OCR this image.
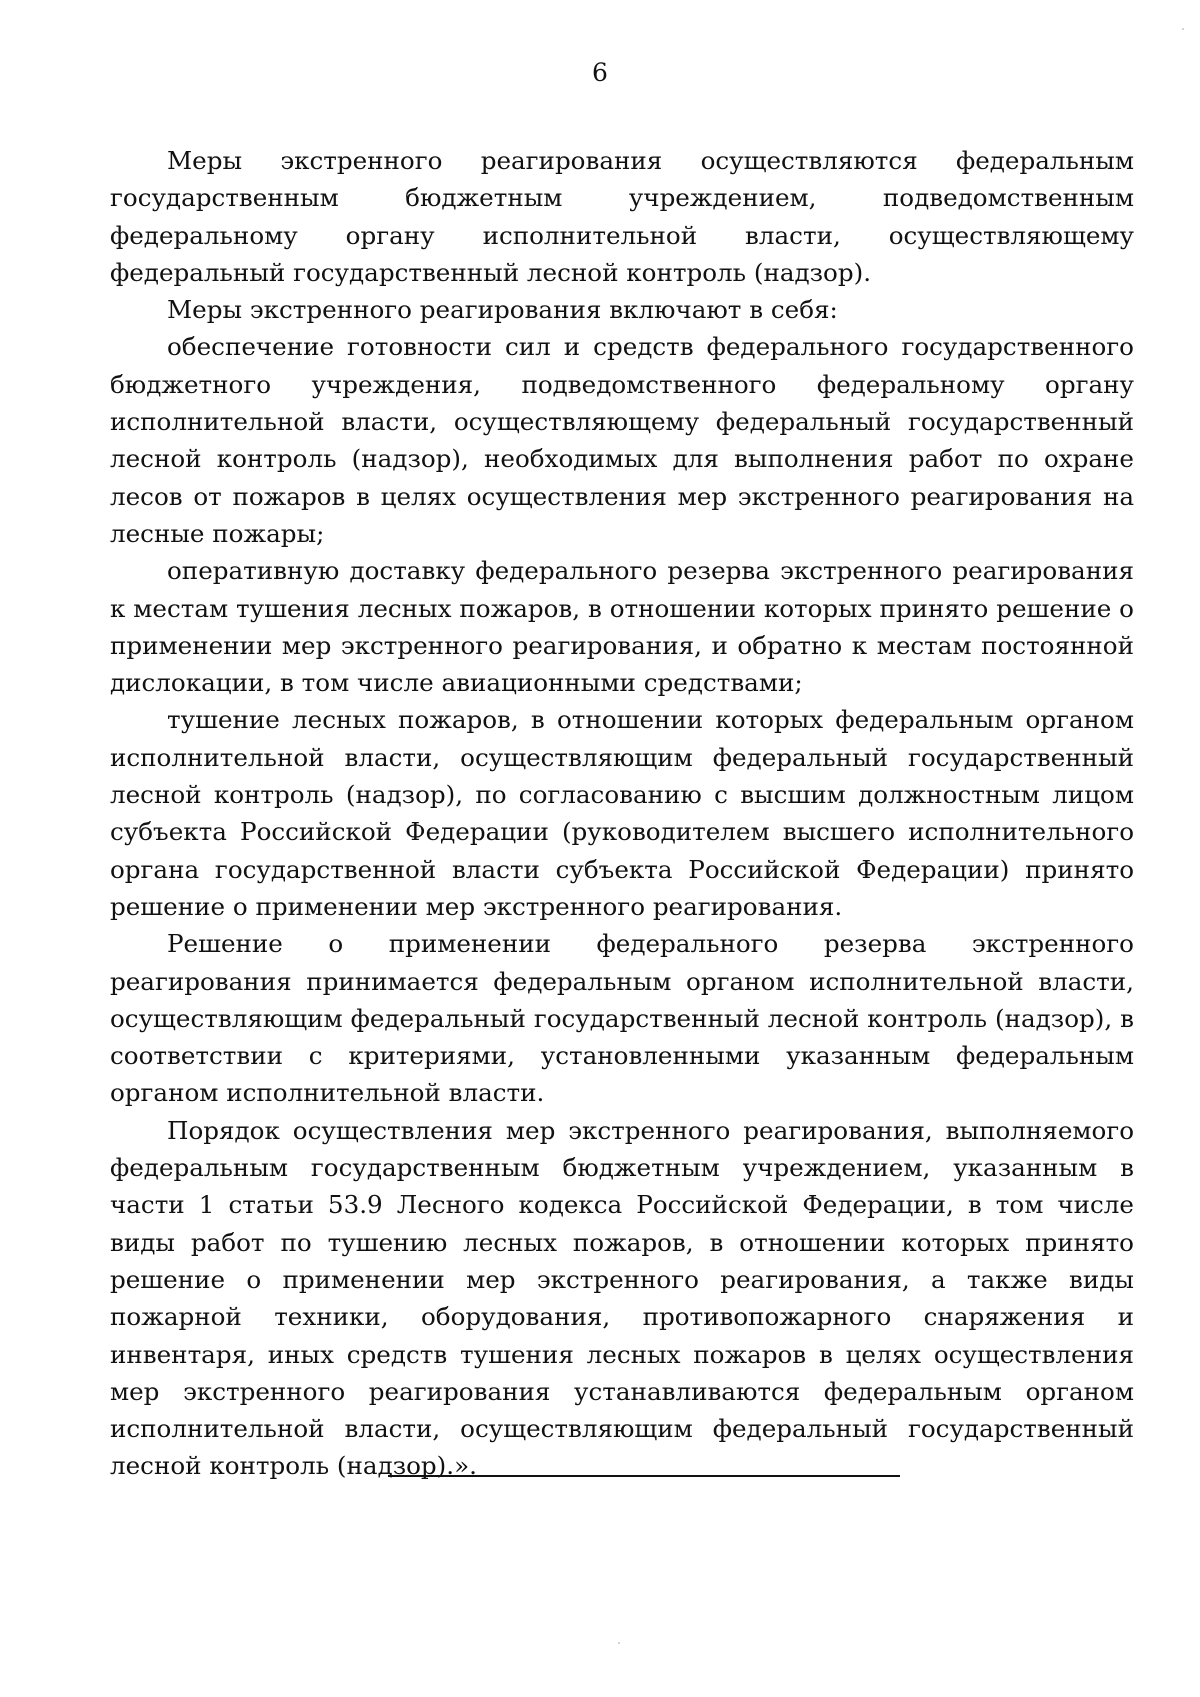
6

Меры экстренного реагирования осуществляются федеральным государственным бюджетным учреждением, подведомственным федеральному органу исполнительной власти, осуществляющему федеральный государственный лесной контроль (надзор).

Меры экстренного реагирования включают в себя:

обеспечение готовности сил и средств федерального государственного бюджетного учреждения, подведомственного федеральному органу исполнительной власти, осуществляющему федеральный государственный лесной контроль (надзор), необходимых для выполнения работ по охране лесов от пожаров в целях осуществления мер экстренного реагирования на лесные пожары;

оперативную доставку федерального резерва экстренного реагирования к местам тушения лесных пожаров, в отношении которых принято решение о применении мер экстренного реагирования, и обратно к местам постоянной дислокации, в том числе авиационными средствами;

тушение лесных пожаров, в отношении которых федеральным органом исполнительной власти, осуществляющим федеральный государственный лесной контроль (надзор), по согласованию с высшим должностным лицом субъекта Российской Федерации (руководителем высшего исполнительного органа государственной власти субъекта Российской Федерации) принято решение о применении мер экстренного реагирования.

Решение о применении федерального резерва экстренного реагирования принимается федеральным органом исполнительной власти, осуществляющим федеральный государственный лесной контроль (надзор), в соответствии с критериями, установленными указанным федеральным органом исполнительной власти.

Порядок осуществления мер экстренного реагирования, выполняемого федеральным государственным бюджетным учреждением, указанным в части 1 статьи 53.9 Лесного кодекса Российской Федерации, в том числе виды работ по тушению лесных пожаров, в отношении которых принято решение о применении мер экстренного реагирования, а также виды пожарной техники, оборудования, противопожарного снаряжения и инвентаря, иных средств тушения лесных пожаров в целях осуществления мер экстренного реагирования устанавливаются федеральным органом исполнительной власти, осуществляющим федеральный государственный лесной контроль (надзор).».
